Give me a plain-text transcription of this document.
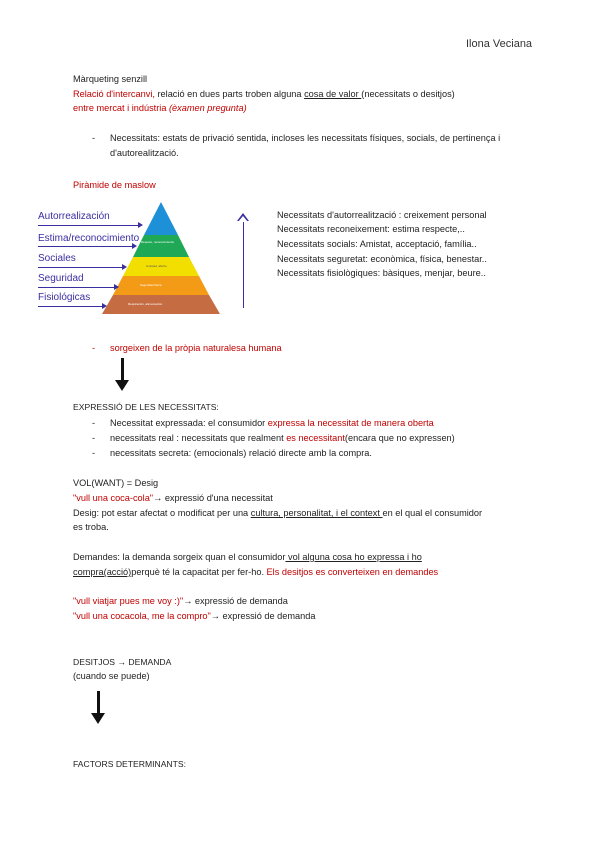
Ilona Veciana
Màrqueting senzill
Relació d'intercanvi, relació en dues parts troben alguna cosa de valor (necessitats o desitjos)
entre mercat i indústria (èxamen pregunta)
- Necessitats: estats de privació sentida, incloses les necessitats físiques, socials, de pertinença i
d'autorealització.
Piràmide de maslow
Respeto, reconocimiento
Amistad, afecto
Seguridad física
Respiración, alimentación
Autorrealización
Estima/reconocimiento
Sociales
Seguridad
Fisiológicas
Necessitats d'autorrealització : creixement personal
Necessitats reconeixement: estima respecte,..
Necessitats socials: Amistat, acceptació, família..
Necessitats seguretat: econòmica, física, benestar..
Necessitats fisiològiques: bàsiques, menjar, beure..
- sorgeixen de la pròpia naturalesa humana
EXPRESSIÓ DE LES NECESSITATS:
- Necessitat expressada: el consumidor expressa la necessitat de manera oberta
- necessitats real : necessitats que realment es necessitant(encara que no expressen)
- necessitats secreta: (emocionals) relació directe amb la compra.
VOL(WANT) = Desig
"vull una coca-cola"→ expressió d'una necessitat
Desig: pot estar afectat o modificat per una cultura, personalitat, i el context en el qual el consumidor
es troba.
Demandes: la demanda sorgeix quan el consumidor vol alguna cosa ho expressa i ho
compra(acció)perquè té la capacitat per fer-ho. Els desitjos es converteixen en demandes
"vull viatjar pues me voy :)"→ expressió de demanda
"vull una cocacola, me la compro"→ expressió de demanda
DESITJOS → DEMANDA
(cuando se puede)
FACTORS DETERMINANTS:
